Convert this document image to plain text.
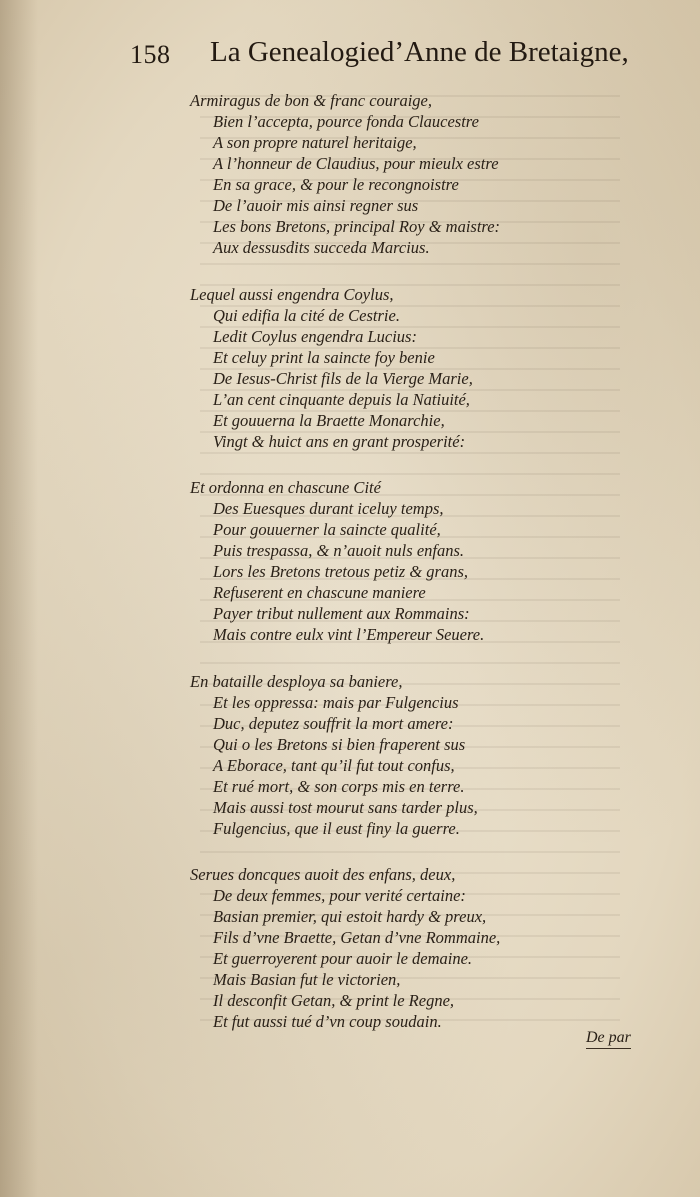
158 La Genealogied’Anne de Bretaigne,
Armiragus de bon & franc couraige,
Bien l’accepta, pource fonda Claucestre
A son propre naturel heritaige,
A l’honneur de Claudius, pour mieulx estre
En sa grace, & pour le recongnoistre
De l’auoir mis ainsi regner sus
Les bons Bretons, principal Roy & maistre:
Aux dessusdits succeda Marcius.
Lequel aussi engendra Coylus,
Qui edifia la cité de Cestrie.
Ledit Coylus engendra Lucius:
Et celuy print la saincte foy benie
De Iesus-Christ fils de la Vierge Marie,
L’an cent cinquante depuis la Natiuité,
Et gouuerna la Braette Monarchie,
Vingt & huict ans en grant prosperité:
Et ordonna en chascune Cité
Des Euesques durant iceluy temps,
Pour gouuerner la saincte qualité,
Puis trespassa, & n’auoit nuls enfans.
Lors les Bretons tretous petiz & grans,
Refuserent en chascune maniere
Payer tribut nullement aux Rommains:
Mais contre eulx vint l’Empereur Seuere.
En bataille desploya sa baniere,
Et les oppressa: mais par Fulgencius
Duc, deputez souffrit la mort amere:
Qui o les Bretons si bien fraperent sus
A Eborace, tant qu’il fut tout confus,
Et rué mort, & son corps mis en terre.
Mais aussi tost mourut sans tarder plus,
Fulgencius, que il eust finy la guerre.
Serues doncques auoit des enfans, deux,
De deux femmes, pour verité certaine:
Basian premier, qui estoit hardy & preux,
Fils d’vne Braette, Getan d’vne Rommaine,
Et guerroyerent pour auoir le demaine.
Mais Basian fut le victorien,
Il desconfit Getan, & print le Regne,
Et fut aussi tué d’vn coup soudain.
De par
